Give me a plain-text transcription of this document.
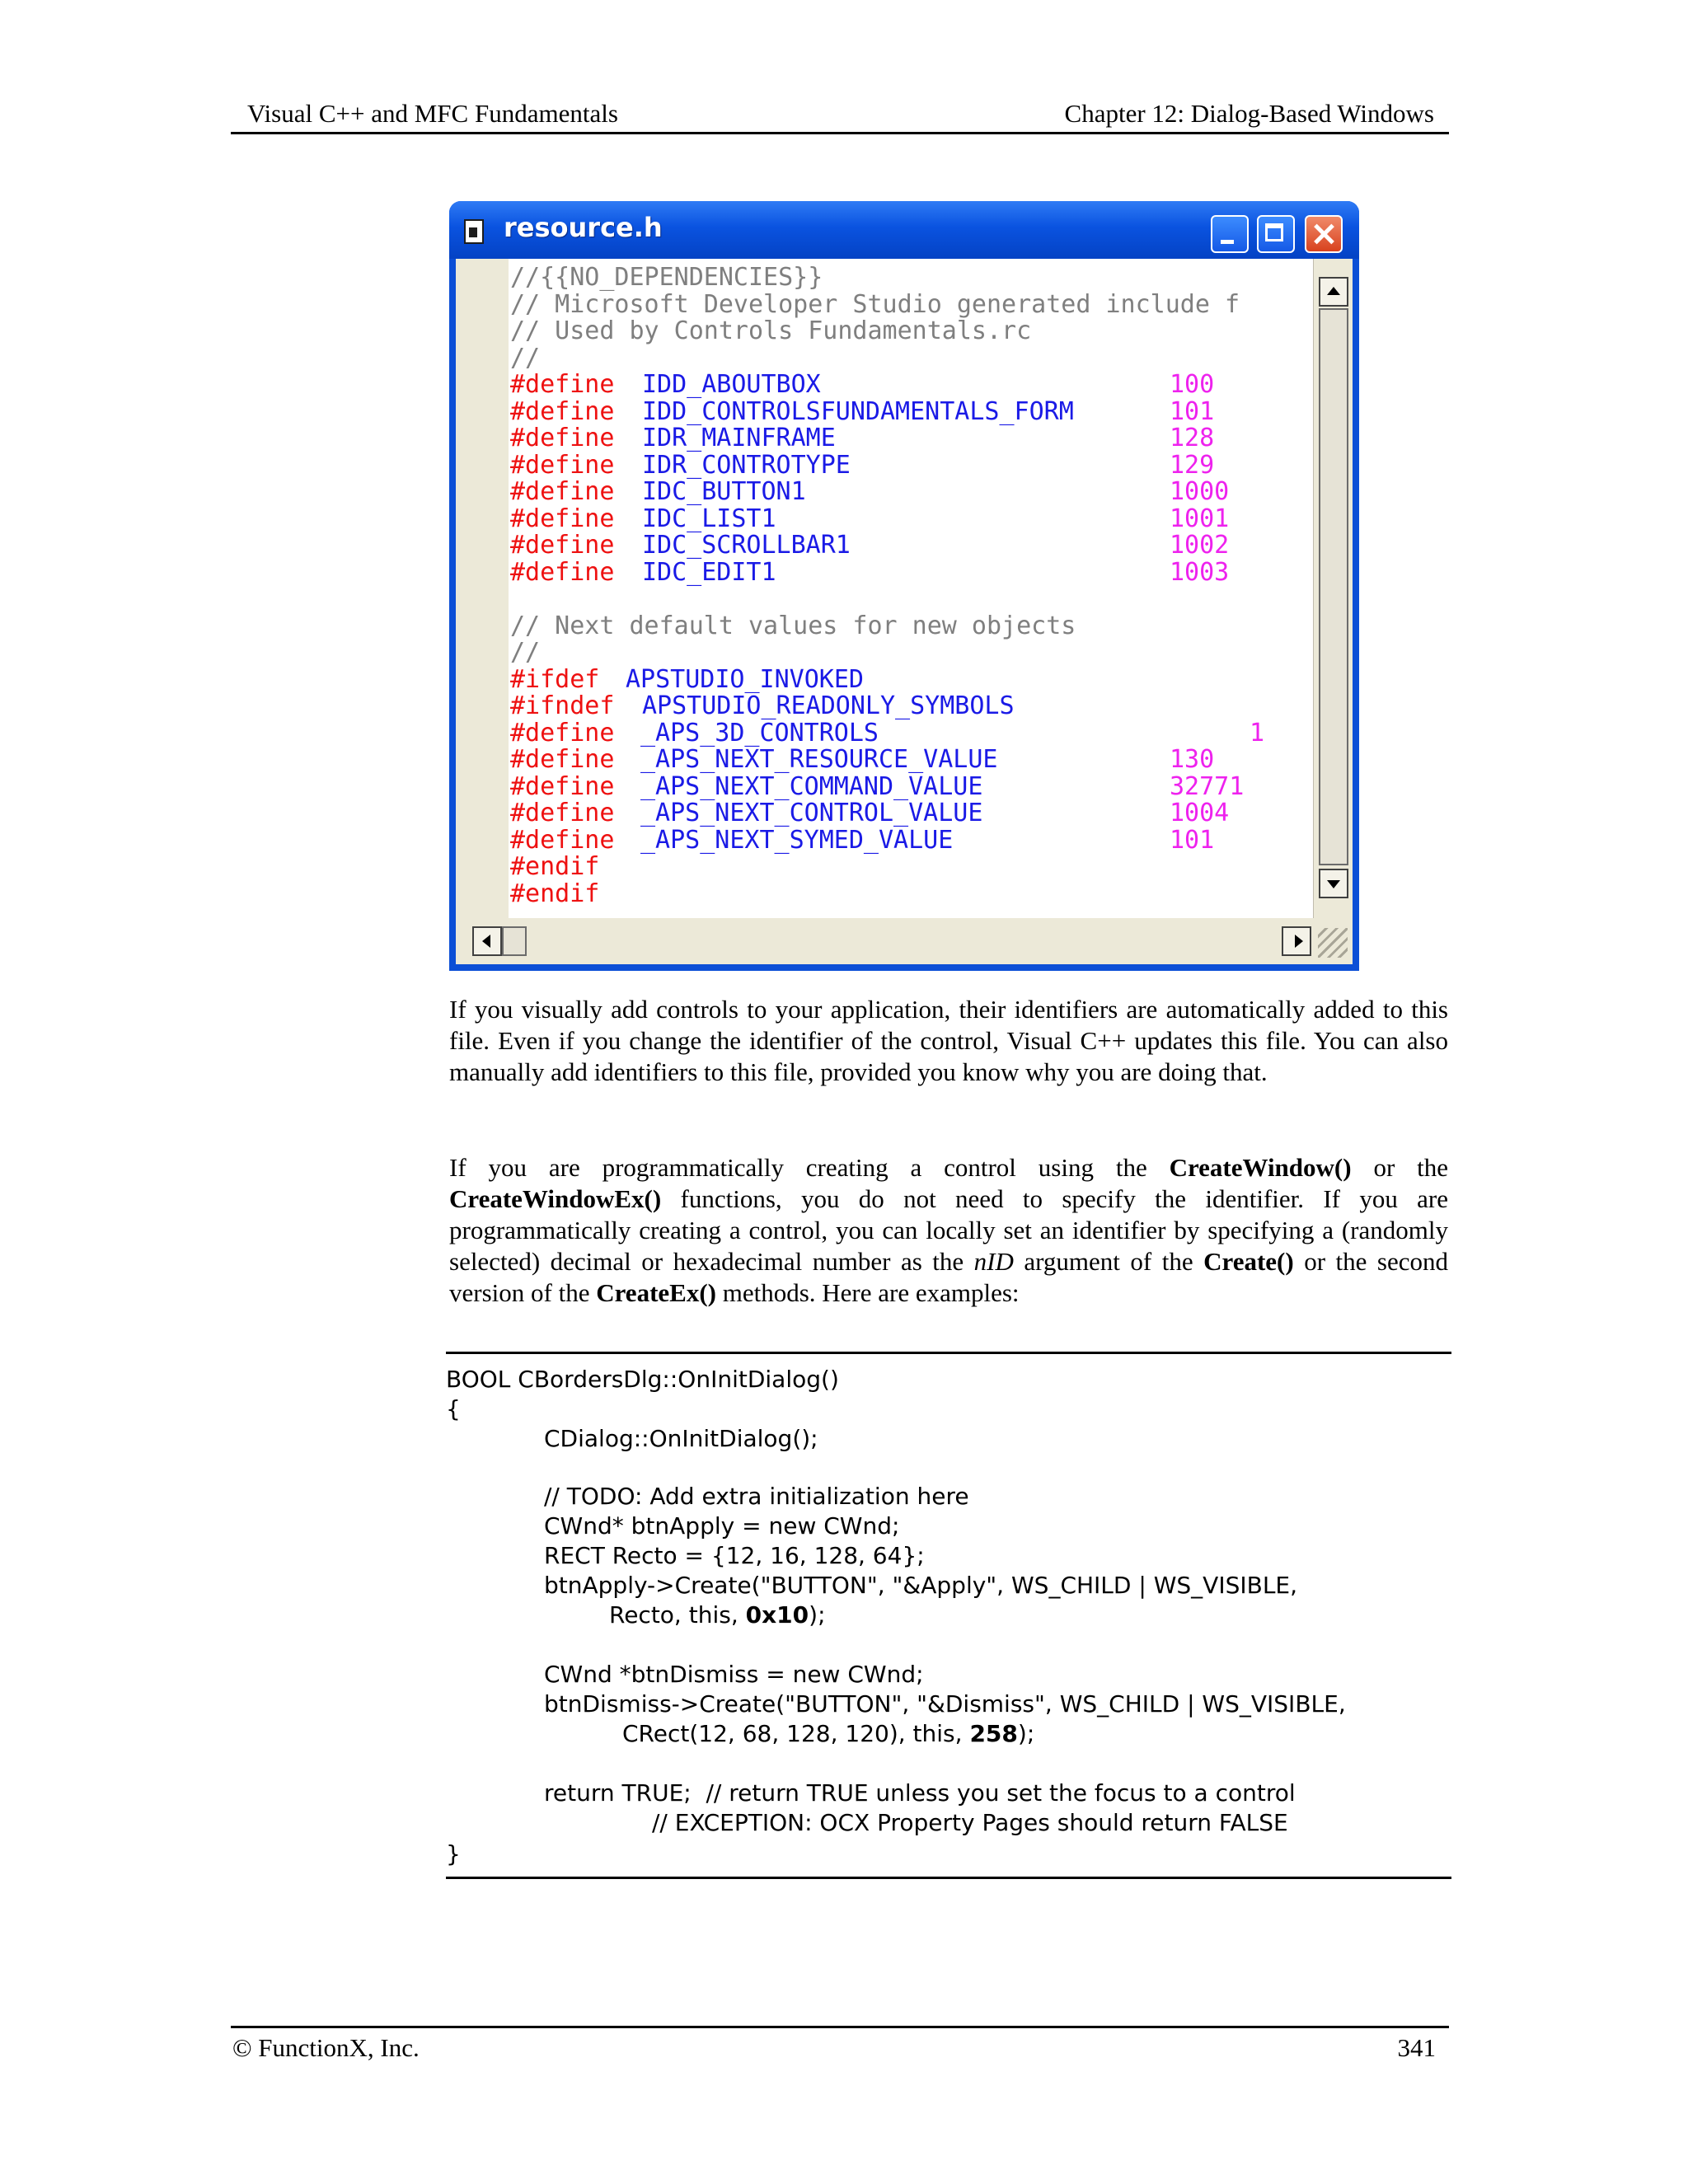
Visual C++ and MFC Fundamentals	Chapter 12: Dialog-Based Windows
resource.h
//{{NO_DEPENDENCIES}}
// Microsoft Developer Studio generated include f
// Used by Controls Fundamentals.rc
//
#define IDD_ABOUTBOX	100
#define IDD_CONTROLSFUNDAMENTALS_FORM	101
#define IDR_MAINFRAME	128
#define IDR_CONTROTYPE	129
#define IDC_BUTTON1	1000
#define IDC_LIST1	1001
#define IDC_SCROLLBAR1	1002
#define IDC_EDIT1	1003
// Next default values for new objects
//
#ifdef APSTUDIO_INVOKED
#ifndef APSTUDIO_READONLY_SYMBOLS
#define _APS_3D_CONTROLS	1
#define _APS_NEXT_RESOURCE_VALUE	130
#define _APS_NEXT_COMMAND_VALUE	32771
#define _APS_NEXT_CONTROL_VALUE	1004
#define _APS_NEXT_SYMED_VALUE	101
#endif
#endif
If you visually add controls to your application, their identifiers are automatically added to this file. Even if you change the identifier of the control, Visual C++ updates this file. You can also manually add identifiers to this file, provided you know why you are doing that.
If you are programmatically creating a control using the CreateWindow() or the CreateWindowEx() functions, you do not need to specify the identifier. If you are programmatically creating a control, you can locally set an identifier by specifying a (randomly selected) decimal or hexadecimal number as the nID argument of the Create() or the second version of the CreateEx() methods. Here are examples:
BOOL CBordersDlg::OnInitDialog()
{
CDialog::OnInitDialog();
// TODO: Add extra initialization here
CWnd* btnApply = new CWnd;
RECT Recto = {12, 16, 128, 64};
btnApply->Create("BUTTON", "&Apply", WS_CHILD | WS_VISIBLE,
Recto, this, 0x10);
CWnd *btnDismiss = new CWnd;
btnDismiss->Create("BUTTON", "&Dismiss", WS_CHILD | WS_VISIBLE,
CRect(12, 68, 128, 120), this, 258);
return TRUE;  // return TRUE unless you set the focus to a control
// EXCEPTION: OCX Property Pages should return FALSE
}
© FunctionX, Inc.	341
